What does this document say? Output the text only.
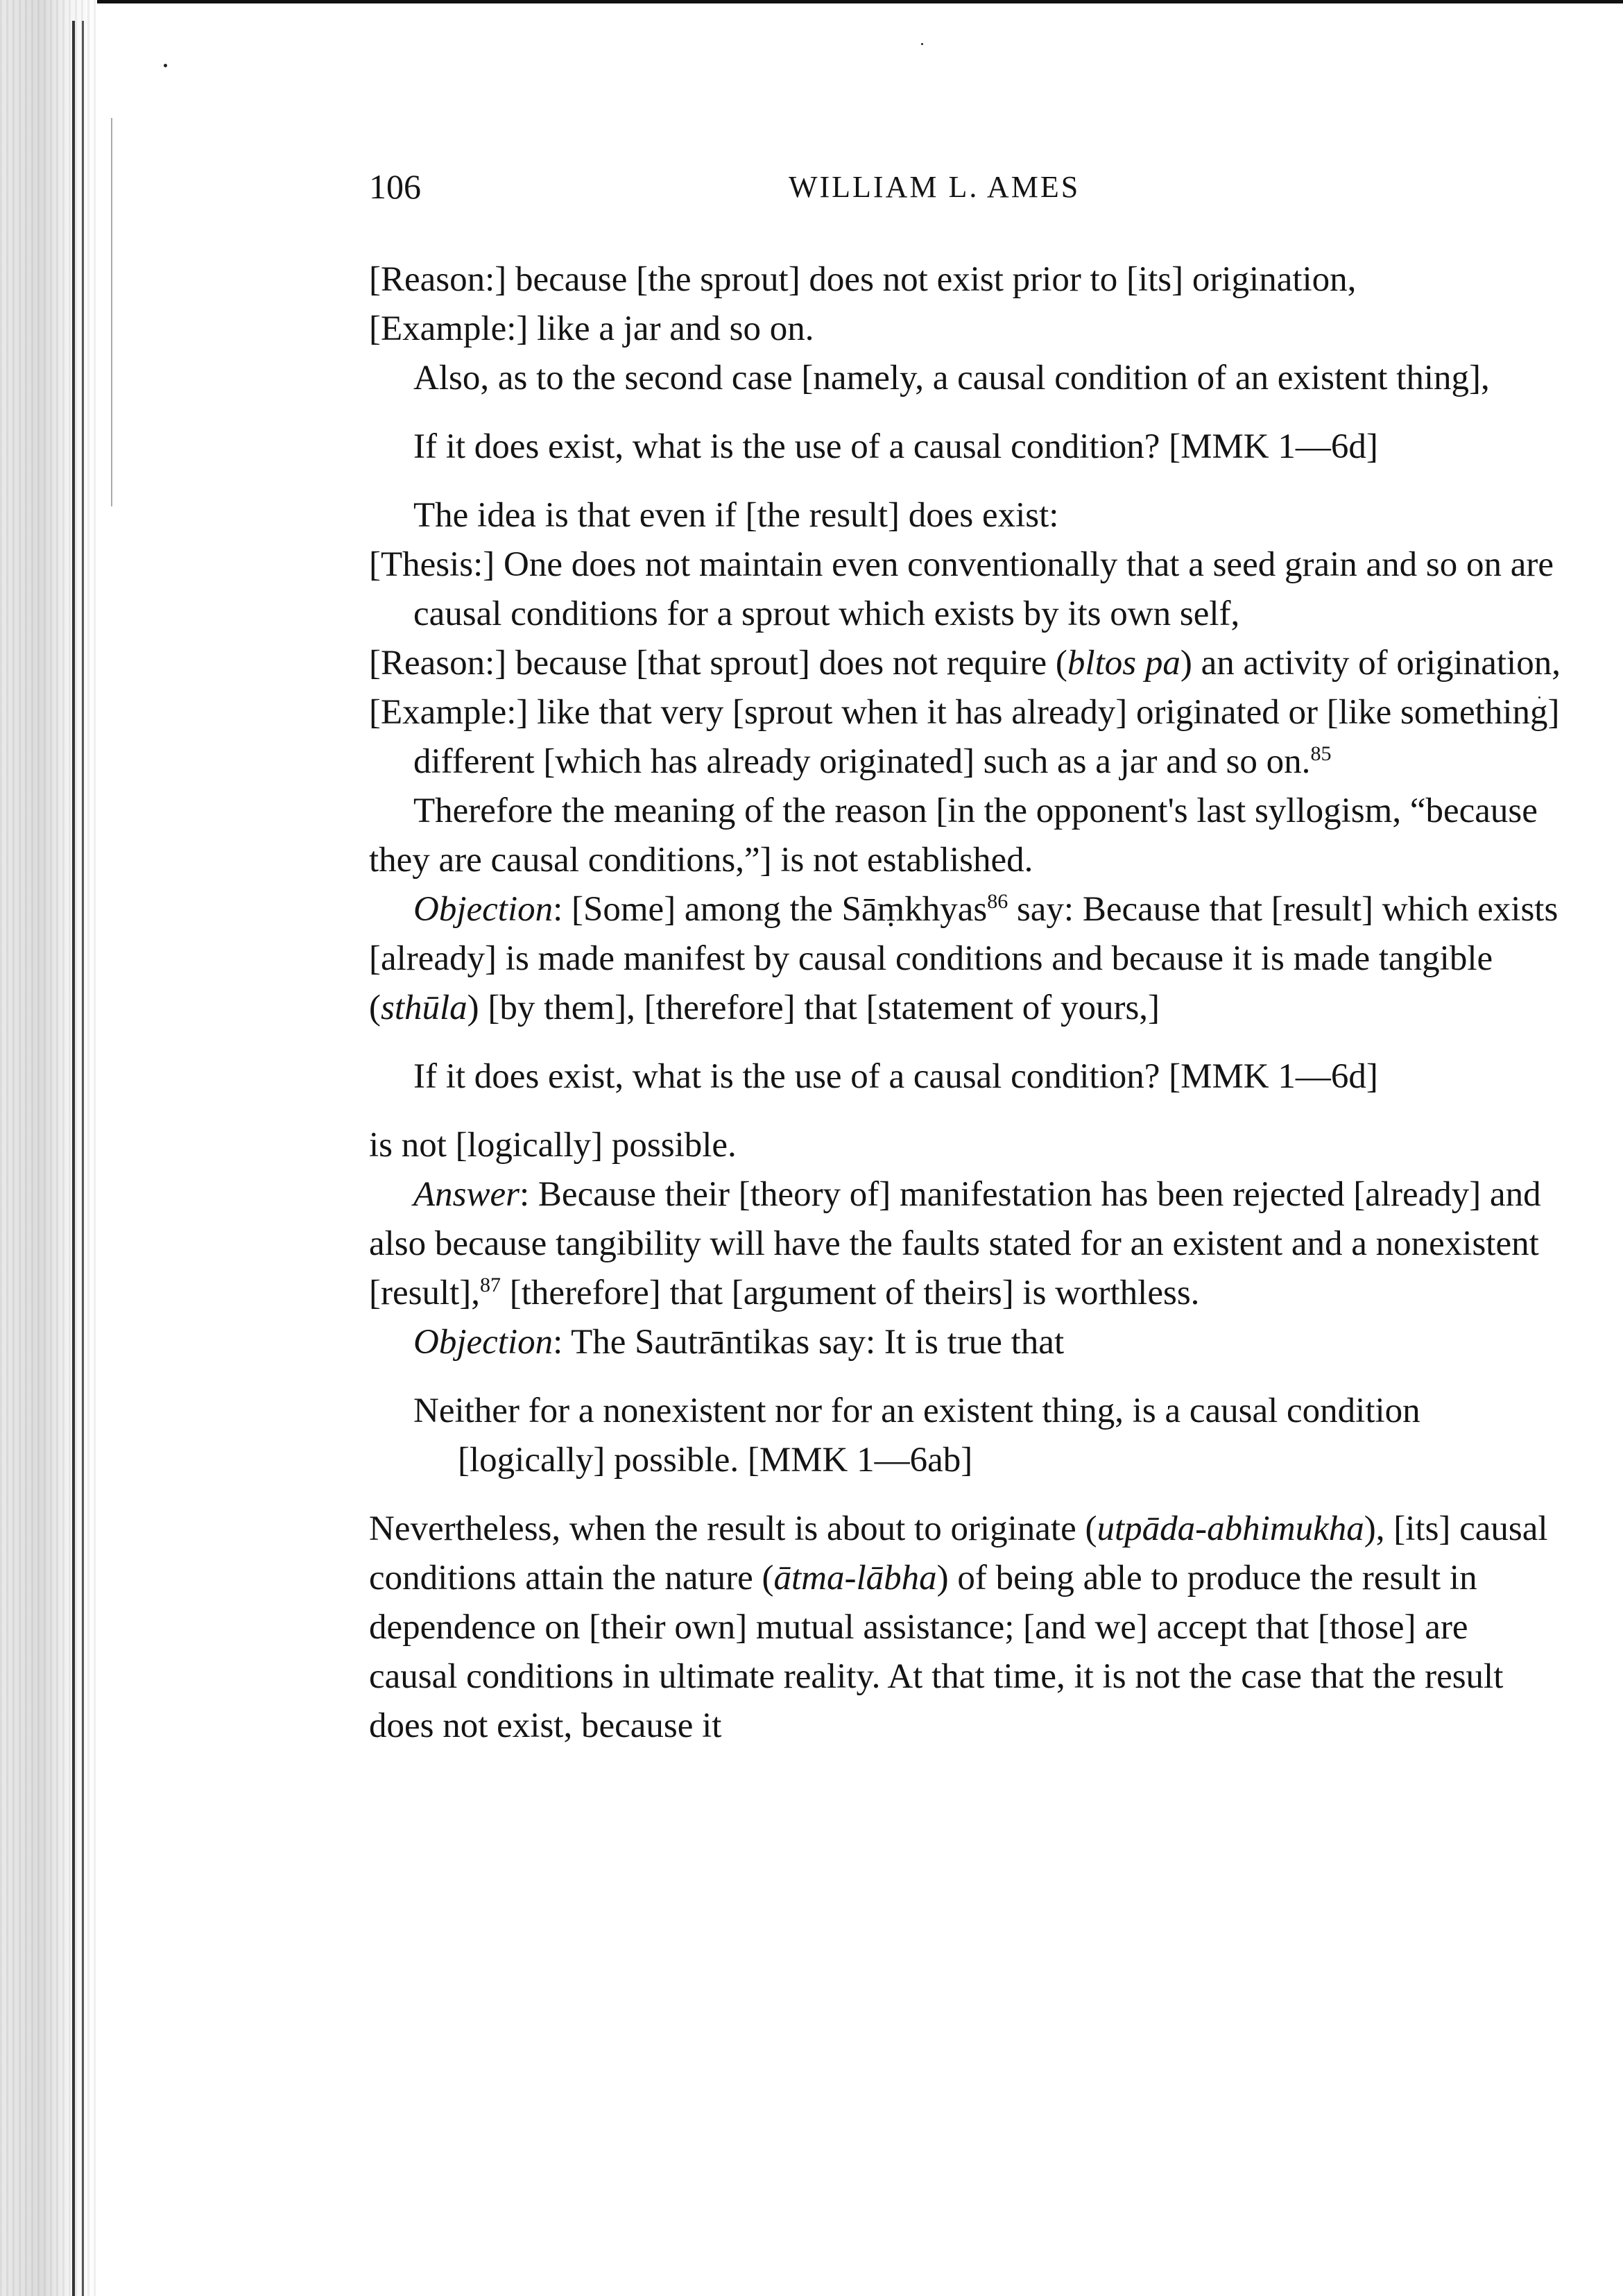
106	WILLIAM L. AMES

[Reason:] because [the sprout] does not exist prior to [its] origination,

[Example:] like a jar and so on.

Also, as to the second case [namely, a causal condition of an existent thing],

If it does exist, what is the use of a causal condition? [MMK 1—6d]

The idea is that even if [the result] does exist:

[Thesis:] One does not maintain even conventionally that a seed grain and so on are causal conditions for a sprout which exists by its own self,

[Reason:] because [that sprout] does not require (bltos pa) an activity of origination,

[Example:] like that very [sprout when it has already] originated or [like something] different [which has already originated] such as a jar and so on.$^{85}$

Therefore the meaning of the reason [in the opponent's last syllogism, “because they are causal conditions,”] is not established.

Objection: [Some] among the Sāṃkhyas$^{86}$ say: Because that [result] which exists [already] is made manifest by causal conditions and because it is made tangible (sthūla) [by them], [therefore] that [statement of yours,]

If it does exist, what is the use of a causal condition? [MMK 1—6d]

is not [logically] possible.

Answer: Because their [theory of] manifestation has been rejected [already] and also because tangibility will have the faults stated for an existent and a nonexistent [result],$^{87}$ [therefore] that [argument of theirs] is worthless.

Objection: The Sautrāntikas say: It is true that

Neither for a nonexistent nor for an existent thing, is a causal condition [logically] possible. [MMK 1—6ab]

Nevertheless, when the result is about to originate (utpāda-abhimukha), [its] causal conditions attain the nature (ātma-lābha) of being able to produce the result in dependence on [their own] mutual assistance; [and we] accept that [those] are causal conditions in ultimate reality. At that time, it is not the case that the result does not exist, because it
